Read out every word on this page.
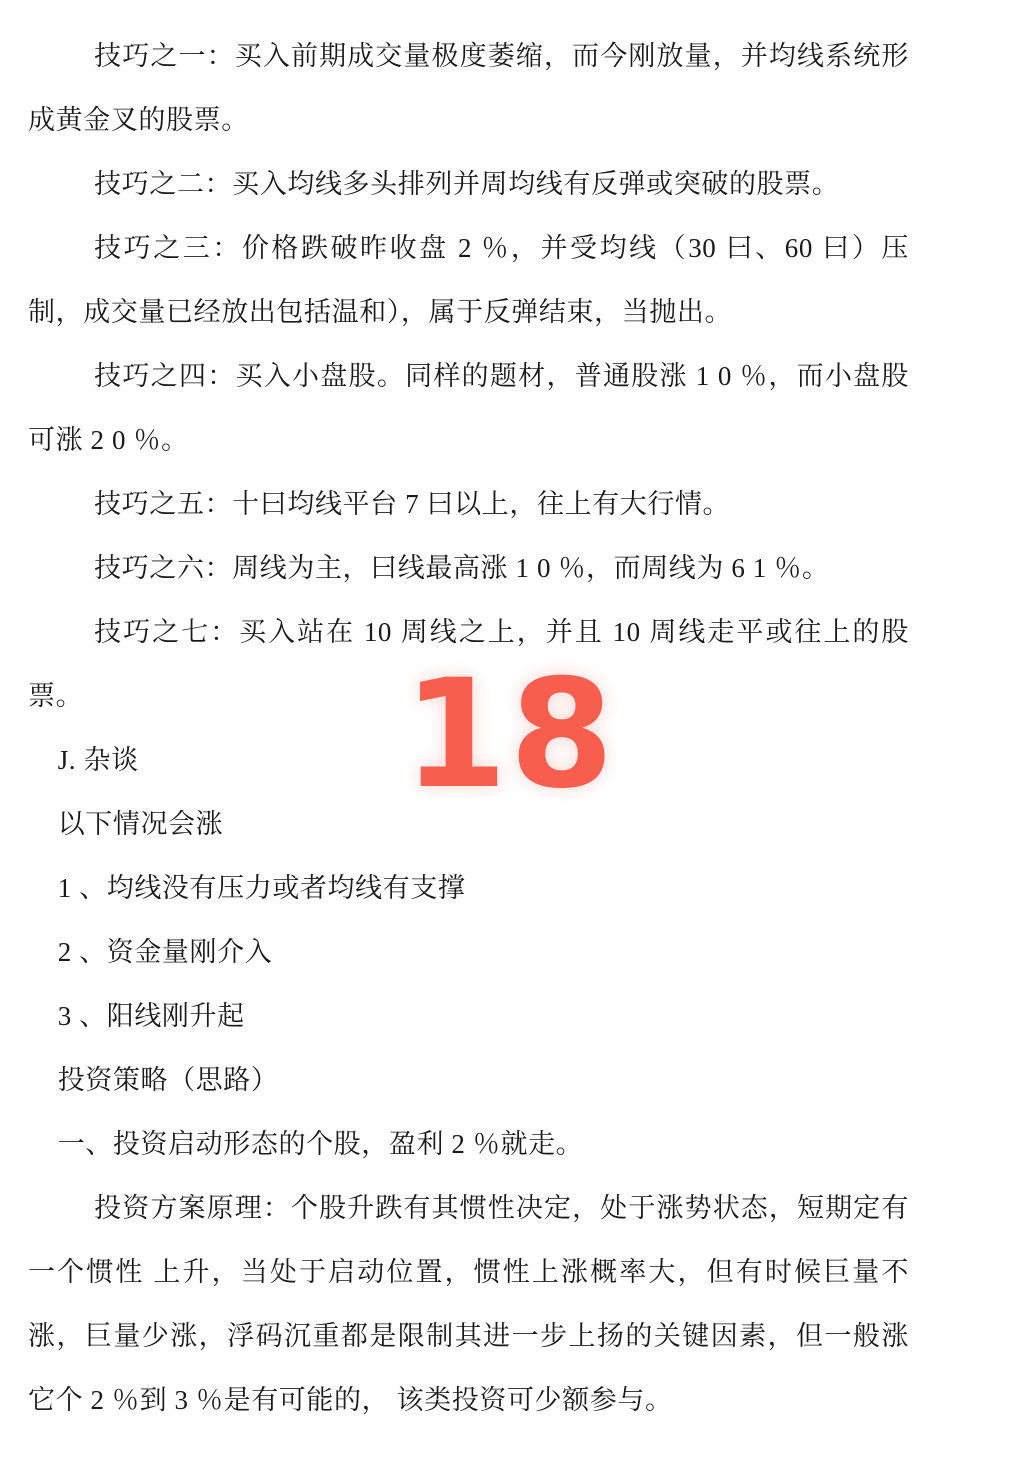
技巧之一：买入前期成交量极度萎缩，而今刚放量，并均线系统形成黄金叉的股票。

技巧之二：买入均线多头排列并周均线有反弹或突破的股票。

技巧之三：价格跌破昨收盘 2 ％，并受均线（30 曰、60 曰）压制，成交量已经放出包括温和），属于反弹结束，当抛出。

技巧之四：买入小盘股。同样的题材，普通股涨 1 0 ％，而小盘股可涨 2 0 ％。

技巧之五：十曰均线平台 7 曰以上，往上有大行情。

技巧之六：周线为主，曰线最高涨 1 0 ％，而周线为 6 1 ％。

技巧之七：买入站在 10 周线之上，并且 10 周线走平或往上的股票。

J. 杂谈

以下情况会涨

1 、均线没有压力或者均线有支撑

2 、资金量刚介入

3 、阳线刚升起

投资策略（思路）

一、投资启动形态的个股，盈利 2 ％就走。

投资方案原理：个股升跌有其惯性决定，处于涨势状态，短期定有一个惯性 上升，当处于启动位置，惯性上涨概率大，但有时候巨量不涨，巨量少涨，浮码沉重都是限制其进一步上扬的关键因素，但一般涨它个 2 ％到 3 ％是有可能的， 该类投资可少额参与。

18
